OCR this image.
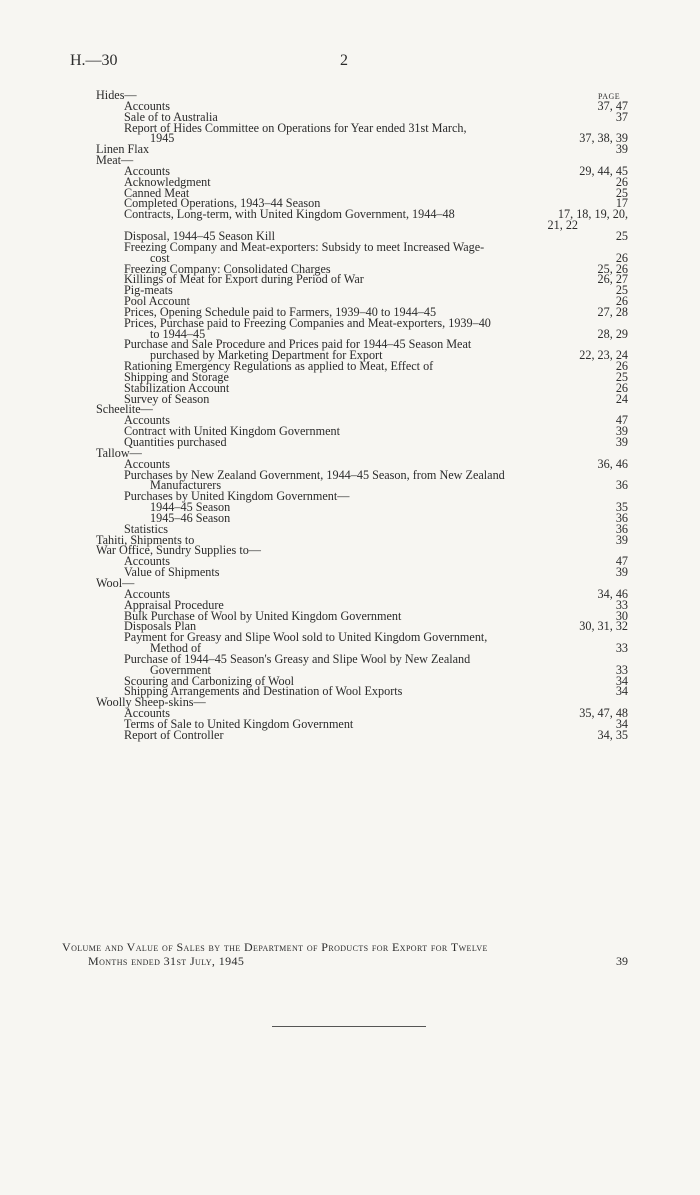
H.—30	2
PAGE
Hides—
Accounts	37, 47
Sale of to Australia	37
Report of Hides Committee on Operations for Year ended 31st March,
1945	37, 38, 39
Linen Flax	39
Meat—
Accounts	29, 44, 45
Acknowledgment	26
Canned Meat	25
Completed Operations, 1943–44 Season	17
Contracts, Long-term, with United Kingdom Government, 1944–48	17, 18, 19, 20,
21, 22
Disposal, 1944–45 Season Kill	25
Freezing Company and Meat-exporters: Subsidy to meet Increased Wage-
cost	26
Freezing Company: Consolidated Charges	25, 26
Killings of Meat for Export during Period of War	26, 27
Pig-meats	25
Pool Account	26
Prices, Opening Schedule paid to Farmers, 1939–40 to 1944–45	27, 28
Prices, Purchase paid to Freezing Companies and Meat-exporters, 1939–40
to 1944–45	28, 29
Purchase and Sale Procedure and Prices paid for 1944–45 Season Meat
purchased by Marketing Department for Export	22, 23, 24
Rationing Emergency Regulations as applied to Meat, Effect of	26
Shipping and Storage	25
Stabilization Account	26
Survey of Season	24
Scheelite—
Accounts	47
Contract with United Kingdom Government	39
Quantities purchased	39
Tallow—
Accounts	36, 46
Purchases by New Zealand Government, 1944–45 Season, from New Zealand
Manufacturers	36
Purchases by United Kingdom Government—
1944–45 Season	35
1945–46 Season	36
Statistics	36
Tahiti, Shipments to	39
War Office, Sundry Supplies to—
Accounts	47
Value of Shipments	39
Wool—
Accounts	34, 46
Appraisal Procedure	33
Bulk Purchase of Wool by United Kingdom Government	30
Disposals Plan	30, 31, 32
Payment for Greasy and Slipe Wool sold to United Kingdom Government,
Method of	33
Purchase of 1944–45 Season's Greasy and Slipe Wool by New Zealand
Government	33
Scouring and Carbonizing of Wool	34
Shipping Arrangements and Destination of Wool Exports	34
Woolly Sheep-skins—
Accounts	35, 47, 48
Terms of Sale to United Kingdom Government	34
Report of Controller	34, 35
Volume and Value of Sales by the Department of Products for Export for Twelve
Months ended 31st July, 1945	39
